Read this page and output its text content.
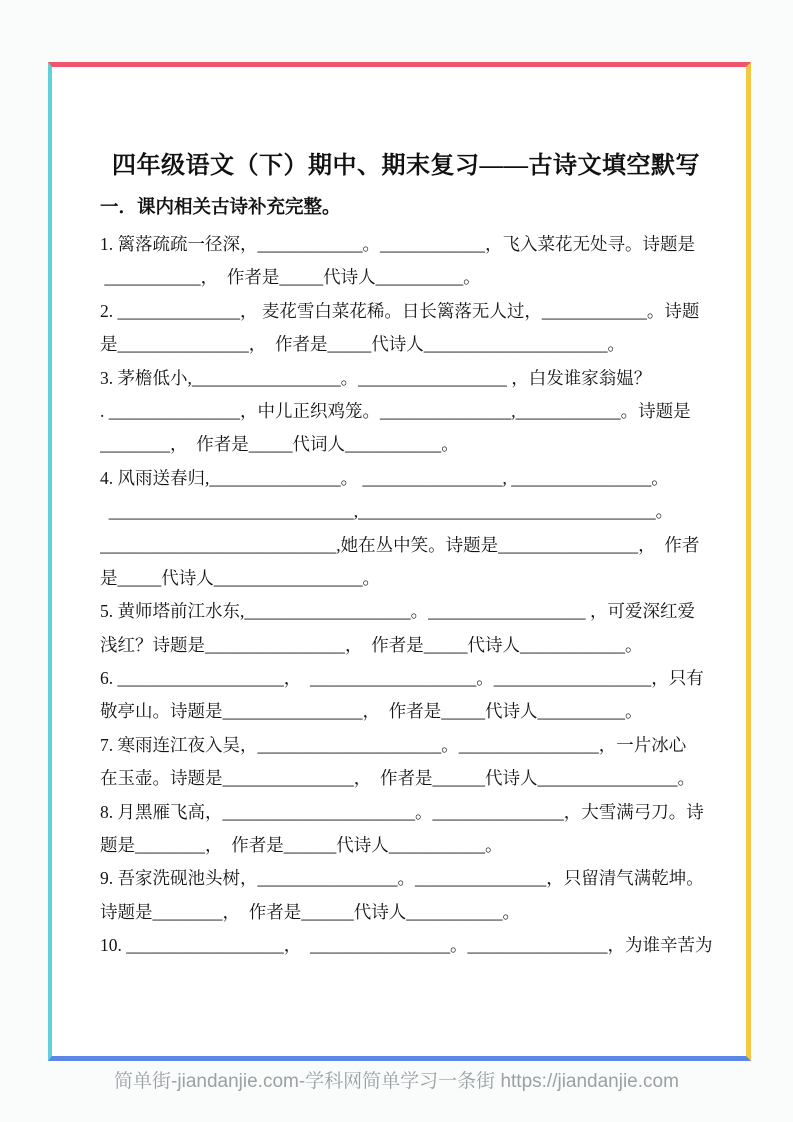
四年级语文（下）期中、期末复习——古诗文填空默写
一．课内相关古诗补充完整。
1. 篱落疏疏一径深，____________。____________，飞入菜花无处寻。诗题是
___________，  作者是_____代诗人__________。
2. ______________， 麦花雪白菜花稀。日长篱落无人过，____________。诗题
是_______________，  作者是_____代诗人_____________________。
3. 茅檐低小,_________________。_________________ ，白发谁家翁媪？
. _______________，中儿正织鸡笼。_______________,____________。诗题是
________，  作者是_____代词人___________。
4. 风雨送春归,_______________。 ________________, ________________。
____________________________,__________________________________。
___________________________,她在丛中笑。诗题是________________，  作者
是_____代诗人_________________。
5. 黄师塔前江水东,___________________。__________________ ，可爱深红爱
浅红？诗题是________________，  作者是_____代诗人____________。
6. ___________________，  ___________________。__________________，只有
敬亭山。诗题是________________，  作者是_____代诗人__________。
7. 寒雨连江夜入吴，_____________________。________________，一片冰心
在玉壶。诗题是_______________，  作者是______代诗人________________。
8. 月黑雁飞高，______________________。_______________，大雪满弓刀。诗
题是________，  作者是______代诗人___________。
9. 吾家洗砚池头树，________________。_______________，只留清气满乾坤。
诗题是________，  作者是______代诗人___________。
10. __________________，  ________________。________________，为谁辛苦为
简单街-jiandanjie.com-学科网简单学习一条街 https://jiandanjie.com
